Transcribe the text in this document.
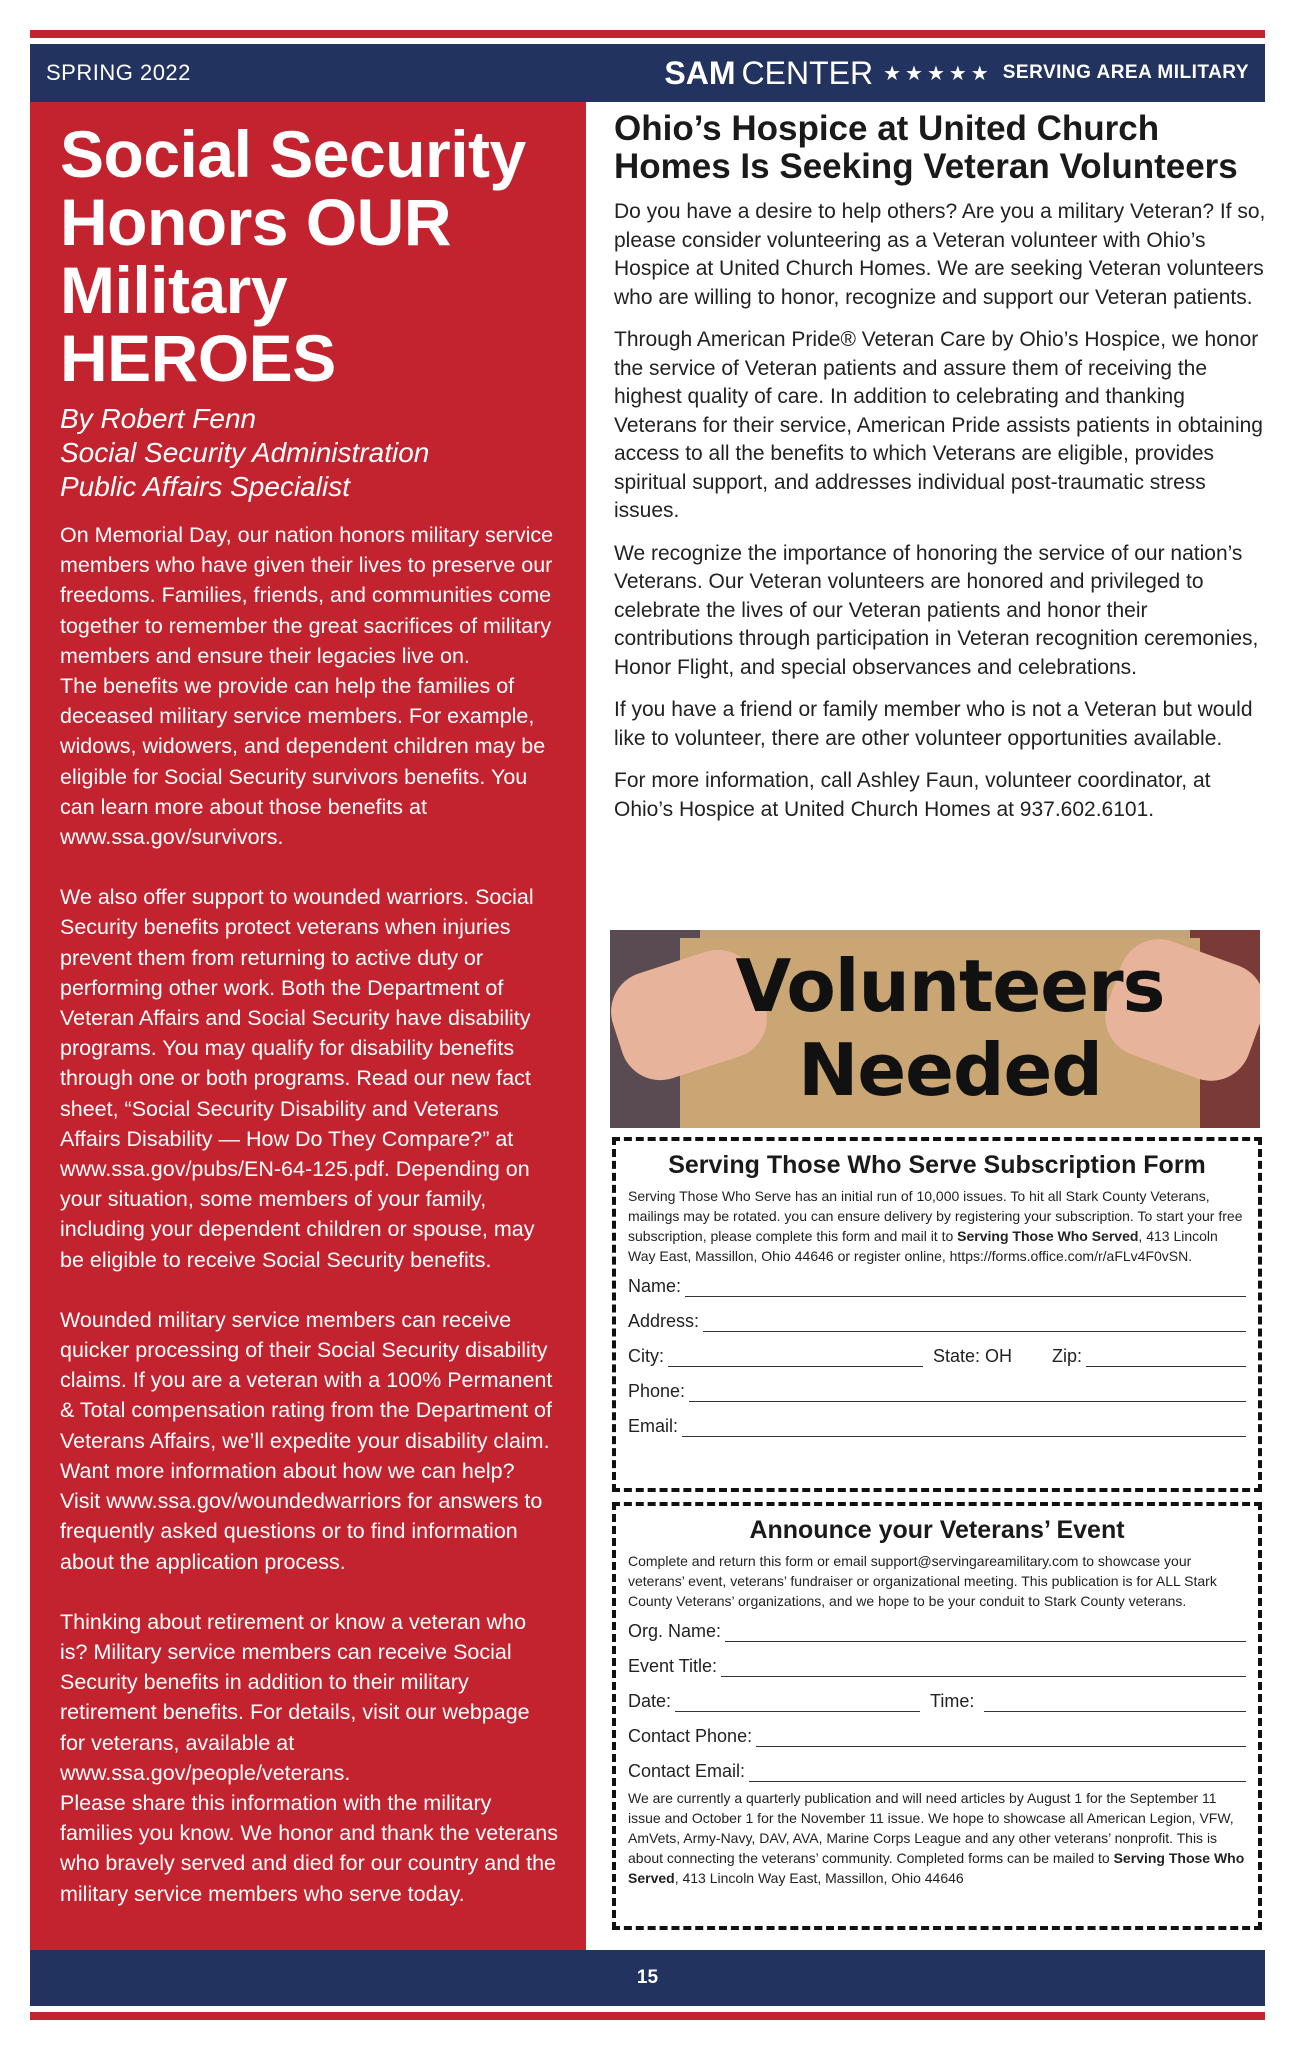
SPRING 2022	SAM CENTER ★★★★★ SERVING AREA MILITARY
Social Security
Honors OUR
Military HEROES
By Robert Fenn
Social Security Administration
Public Affairs Specialist

On Memorial Day, our nation honors military service members who have given their lives to preserve our freedoms. Families, friends, and communities come together to remember the great sacrifices of military members and ensure their legacies live on.

The benefits we provide can help the families of deceased military service members. For example, widows, widowers, and dependent children may be eligible for Social Security survivors benefits. You can learn more about those benefits at www.ssa.gov/survivors.

We also offer support to wounded warriors. Social Security benefits protect veterans when injuries prevent them from returning to active duty or performing other work. Both the Department of Veteran Affairs and Social Security have disability programs. You may qualify for disability benefits through one or both programs. Read our new fact sheet, “Social Security Disability and Veterans Affairs Disability — How Do They Compare?” at www.ssa.gov/pubs/EN-64-125.pdf. Depending on your situation, some members of your family, including your dependent children or spouse, may be eligible to receive Social Security benefits.

Wounded military service members can receive quicker processing of their Social Security disability claims. If you are a veteran with a 100% Permanent & Total compensation rating from the Department of Veterans Affairs, we’ll expedite your disability claim.

Want more information about how we can help? Visit www.ssa.gov/woundedwarriors for answers to frequently asked questions or to find information about the application process.

Thinking about retirement or know a veteran who is? Military service members can receive Social Security benefits in addition to their military retirement benefits. For details, visit our webpage for veterans, available at www.ssa.gov/people/veterans.

Please share this information with the military families you know. We honor and thank the veterans who bravely served and died for our country and the military service members who serve today.

Ohio’s Hospice at United Church
Homes Is Seeking Veteran Volunteers

Do you have a desire to help others? Are you a military Veteran? If so, please consider volunteering as a Veteran volunteer with Ohio’s Hospice at United Church Homes. We are seeking Veteran volunteers who are willing to honor, recognize and support our Veteran patients.

Through American Pride® Veteran Care by Ohio’s Hospice, we honor the service of Veteran patients and assure them of receiving the highest quality of care. In addition to celebrating and thanking Veterans for their service, American Pride assists patients in obtaining access to all the benefits to which Veterans are eligible, provides spiritual support, and addresses individual post-traumatic stress issues.

We recognize the importance of honoring the service of our nation’s Veterans. Our Veteran volunteers are honored and privileged to celebrate the lives of our Veteran patients and honor their contributions through participation in Veteran recognition ceremonies, Honor Flight, and special observances and celebrations.

If you have a friend or family member who is not a Veteran but would like to volunteer, there are other volunteer opportunities available.

For more information, call Ashley Faun, volunteer coordinator, at Ohio’s Hospice at United Church Homes at 937.602.6101.

Volunteers
Needed
Serving Those Who Serve Subscription Form
Serving Those Who Serve has an initial run of 10,000 issues. To hit all Stark County Veterans, mailings may be rotated. you can ensure delivery by registering your subscription. To start your free subscription, please complete this form and mail it to Serving Those Who Served, 413 Lincoln Way East, Massillon, Ohio 44646 or register online, https://forms.office.com/r/aFLv4F0vSN.
Name:
Address:
City:	State: OH Zip:
Phone:
Email:
Announce your Veterans’ Event
Complete and return this form or email support@servingareamilitary.com to showcase your veterans’ event, veterans’ fundraiser or organizational meeting. This publication is for ALL Stark County Veterans’ organizations, and we hope to be your conduit to Stark County veterans.
Org. Name:
Event Title:
Date:	Time:
Contact Phone:
Contact Email:
We are currently a quarterly publication and will need articles by August 1 for the September 11 issue and October 1 for the November 11 issue. We hope to showcase all American Legion, VFW, AmVets, Army-Navy, DAV, AVA, Marine Corps League and any other veterans’ nonprofit. This is about connecting the veterans’ community. Completed forms can be mailed to Serving Those Who Served, 413 Lincoln Way East, Massillon, Ohio 44646
15
